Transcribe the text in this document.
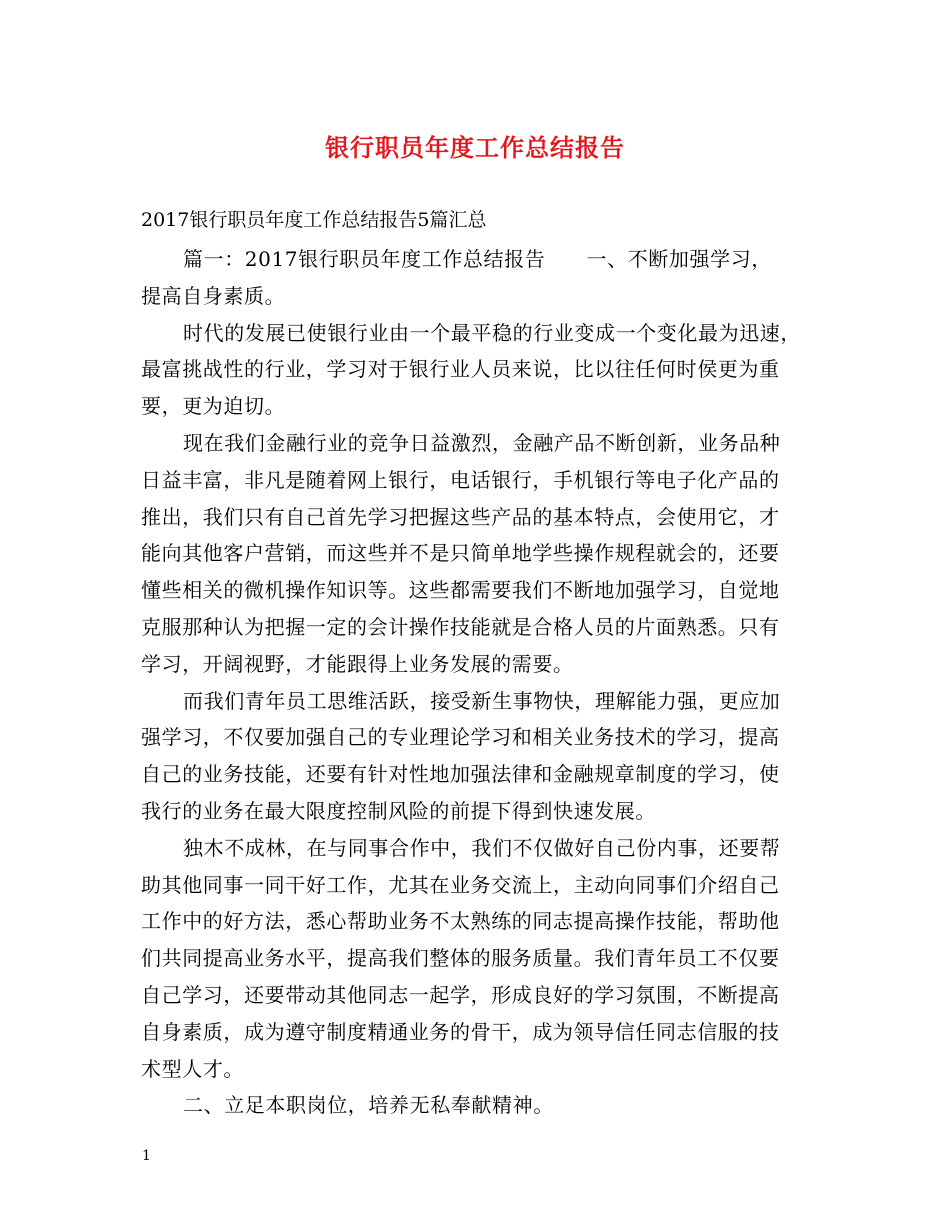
银行职员年度工作总结报告
2017银行职员年度工作总结报告5篇汇总
篇一：2017银行职员年度工作总结报告　　一、不断加强学习，
提高自身素质。
时代的发展已使银行业由一个最平稳的行业变成一个变化最为迅速，
最富挑战性的行业，学习对于银行业人员来说，比以往任何时侯更为重
要，更为迫切。
现在我们金融行业的竞争日益激烈，金融产品不断创新，业务品种
日益丰富，非凡是随着网上银行，电话银行，手机银行等电子化产品的
推出，我们只有自己首先学习把握这些产品的基本特点，会使用它，才
能向其他客户营销，而这些并不是只简单地学些操作规程就会的，还要
懂些相关的微机操作知识等。这些都需要我们不断地加强学习，自觉地
克服那种认为把握一定的会计操作技能就是合格人员的片面熟悉。只有
学习，开阔视野，才能跟得上业务发展的需要。
而我们青年员工思维活跃，接受新生事物快，理解能力强，更应加
强学习，不仅要加强自己的专业理论学习和相关业务技术的学习，提高
自己的业务技能，还要有针对性地加强法律和金融规章制度的学习，使
我行的业务在最大限度控制风险的前提下得到快速发展。
独木不成林，在与同事合作中，我们不仅做好自己份内事，还要帮
助其他同事一同干好工作，尤其在业务交流上，主动向同事们介绍自己
工作中的好方法，悉心帮助业务不太熟练的同志提高操作技能，帮助他
们共同提高业务水平，提高我们整体的服务质量。我们青年员工不仅要
自己学习，还要带动其他同志一起学，形成良好的学习氛围，不断提高
自身素质，成为遵守制度精通业务的骨干，成为领导信任同志信服的技
术型人才。
二、立足本职岗位，培养无私奉献精神。
1
